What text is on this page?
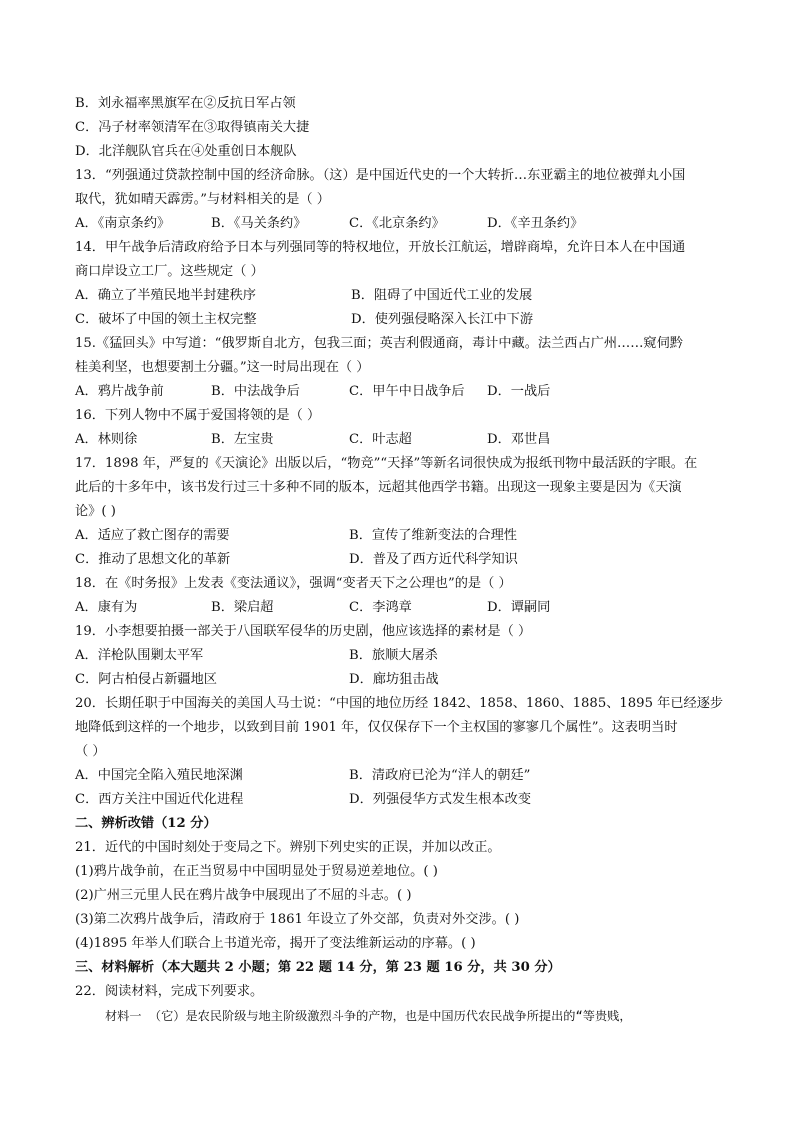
B．刘永福率黑旗军在②反抗日军占领
C．冯子材率领清军在③取得镇南关大捷
D．北洋舰队官兵在④处重创日本舰队
13．“列强通过贷款控制中国的经济命脉。（这）是中国近代史的一个大转折…东亚霸主的地位被弹丸小国
取代，犹如晴天霹雳。”与材料相关的是（ ）
A．《南京条约》	B．《马关条约》	C．《北京条约》	D．《辛丑条约》
14．甲午战争后清政府给予日本与列强同等的特权地位，开放长江航运，增辟商埠，允许日本人在中国通
商口岸设立工厂。这些规定（ ）
A．确立了半殖民地半封建秩序	B．阻碍了中国近代工业的发展
C．破坏了中国的领土主权完整	D．使列强侵略深入长江中下游
15.《猛回头》中写道：“俄罗斯自北方，包我三面；英吉利假通商，毒计中藏。法兰西占广州……窥伺黔
桂美利坚，也想要割土分疆。”这一时局出现在（ ）
A．鸦片战争前	B．中法战争后	C．甲午中日战争后 D．一战后
16．下列人物中不属于爱国将领的是（ ）
A．林则徐	B．左宝贵	C．叶志超	D．邓世昌
17．1898 年，严复的《天演论》出版以后，“物竞”“天择”等新名词很快成为报纸刊物中最活跃的字眼。在
此后的十多年中，该书发行过三十多种不同的版本，远超其他西学书籍。出现这一现象主要是因为《天演
论》( )
A．适应了救亡图存的需要	B．宣传了维新变法的合理性
C．推动了思想文化的革新	D．普及了西方近代科学知识
18．在《时务报》上发表《变法通议》，强调“变者天下之公理也”的是（ ）
A．康有为	B．梁启超	C．李鸿章	D．谭嗣同
19．小李想要拍摄一部关于八国联军侵华的历史剧，他应该选择的素材是（ ）
A．洋枪队围剿太平军	B．旅顺大屠杀
C．阿古柏侵占新疆地区	D．廊坊狙击战
20．长期任职于中国海关的美国人马士说：“中国的地位历经 1842、1858、1860、1885、1895 年已经逐步
地降低到这样的一个地步，以致到目前 1901 年，仅仅保存下一个主权国的寥寥几个属性”。这表明当时
（ ）
A．中国完全陷入殖民地深渊	B．清政府已沦为“洋人的朝廷”
C．西方关注中国近代化进程	D．列强侵华方式发生根本改变
二、辨析改错（12 分）
21．近代的中国时刻处于变局之下。辨别下列史实的正误，并加以改正。
(1)鸦片战争前，在正当贸易中中国明显处于贸易逆差地位。( )
(2)广州三元里人民在鸦片战争中展现出了不屈的斗志。( )
(3)第二次鸦片战争后，清政府于 1861 年设立了外交部，负责对外交涉。( )
(4)1895 年举人们联合上书道光帝，揭开了变法维新运动的序幕。( )
三、材料解析（本大题共 2 小题；第 22 题 14 分，第 23 题 16 分，共 30 分）
22．阅读材料，完成下列要求。
材料一 （它）是农民阶级与地主阶级激烈斗争的产物，也是中国历代农民战争所提出的“等贵贱，
